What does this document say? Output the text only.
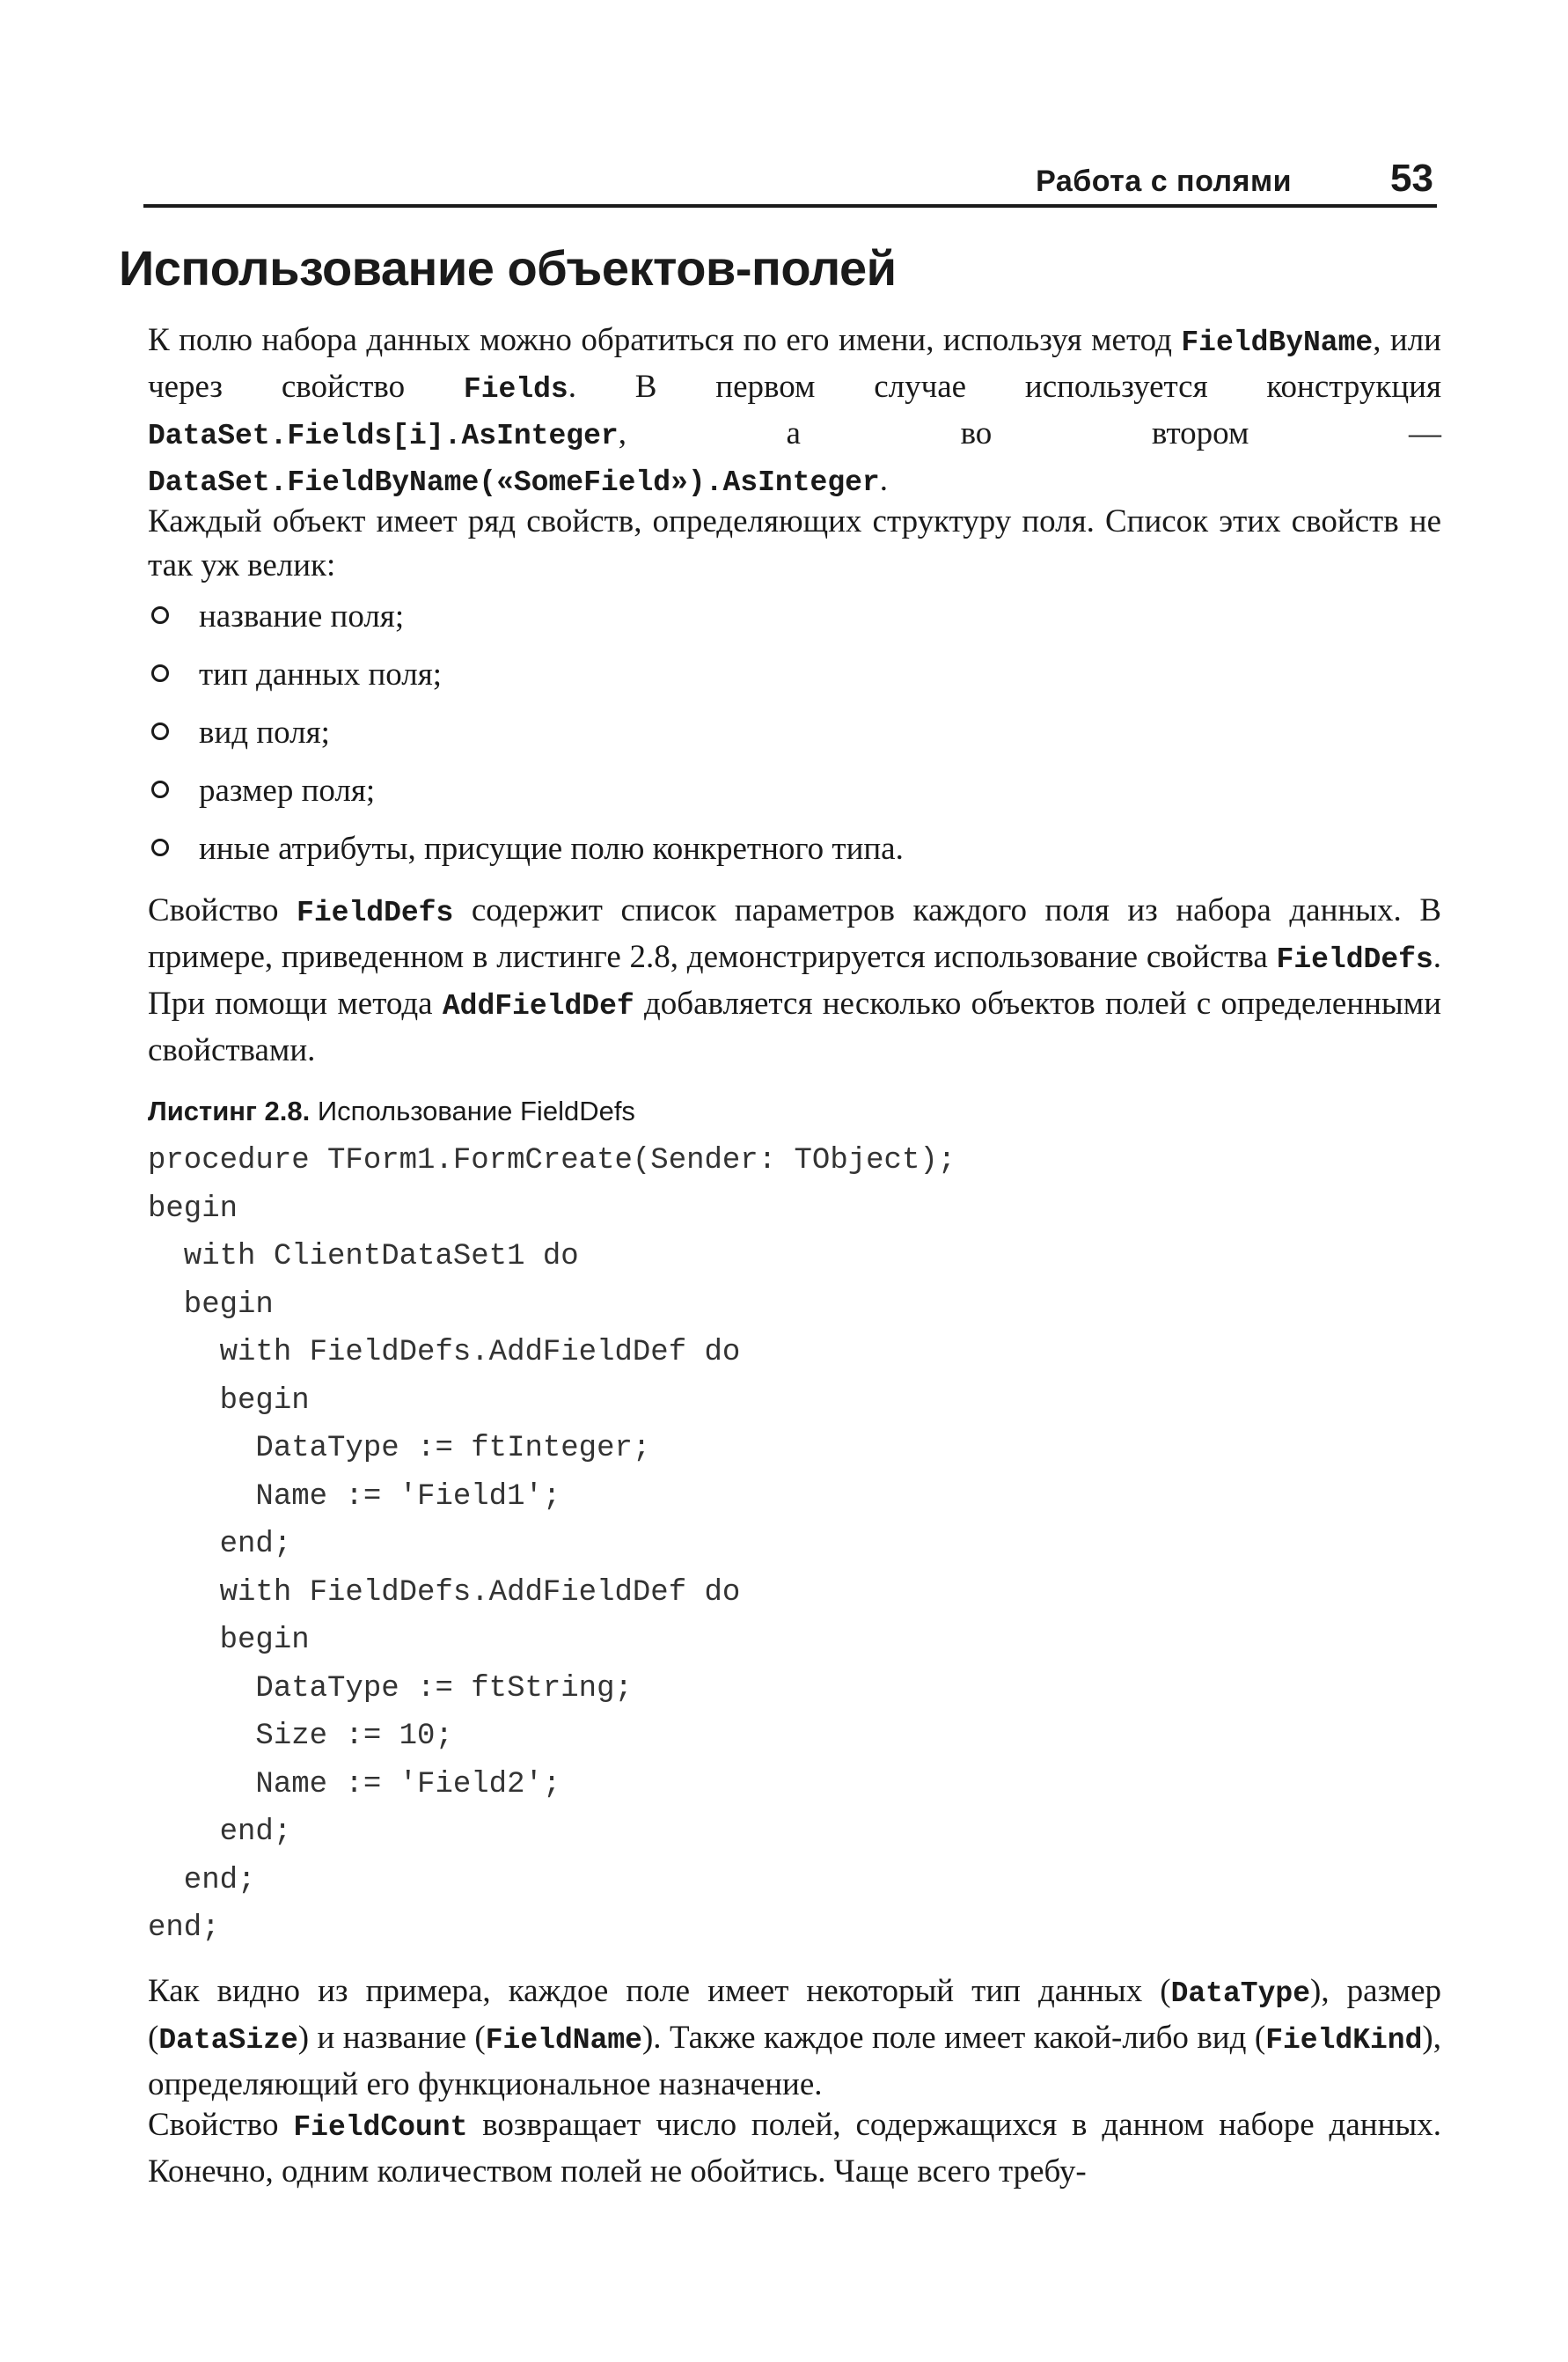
Работа с полями	53
Использование объектов-полей

К полю набора данных можно обратиться по его имени, используя метод FieldByName, или через свойство Fields. В первом случае используется конструкция DataSet.Fields[i].AsInteger, а во втором — DataSet.FieldByName(«SomeField»).AsInteger.

Каждый объект имеет ряд свойств, определяющих структуру поля. Список этих свойств не так уж велик:

название поля;
тип данных поля;
вид поля;
размер поля;
иные атрибуты, присущие полю конкретного типа.

Свойство FieldDefs содержит список параметров каждого поля из набора данных. В примере, приведенном в листинге 2.8, демонстрируется использование свойства FieldDefs. При помощи метода AddFieldDef добавляется несколько объектов полей с определенными свойствами.

Листинг 2.8. Использование FieldDefs

procedure TForm1.FormCreate(Sender: TObject);
begin
with ClientDataSet1 do
begin
with FieldDefs.AddFieldDef do
begin
DataType := ftInteger;
Name := 'Field1';
end;
with FieldDefs.AddFieldDef do
begin
DataType := ftString;
Size := 10;
Name := 'Field2';
end;
end;
end;

Как видно из примера, каждое поле имеет некоторый тип данных (DataType), размер (DataSize) и название (FieldName). Также каждое поле имеет какой-либо вид (FieldKind), определяющий его функциональное назначение.

Свойство FieldCount возвращает число полей, содержащихся в данном наборе данных. Конечно, одним количеством полей не обойтись. Чаще всего требу-
